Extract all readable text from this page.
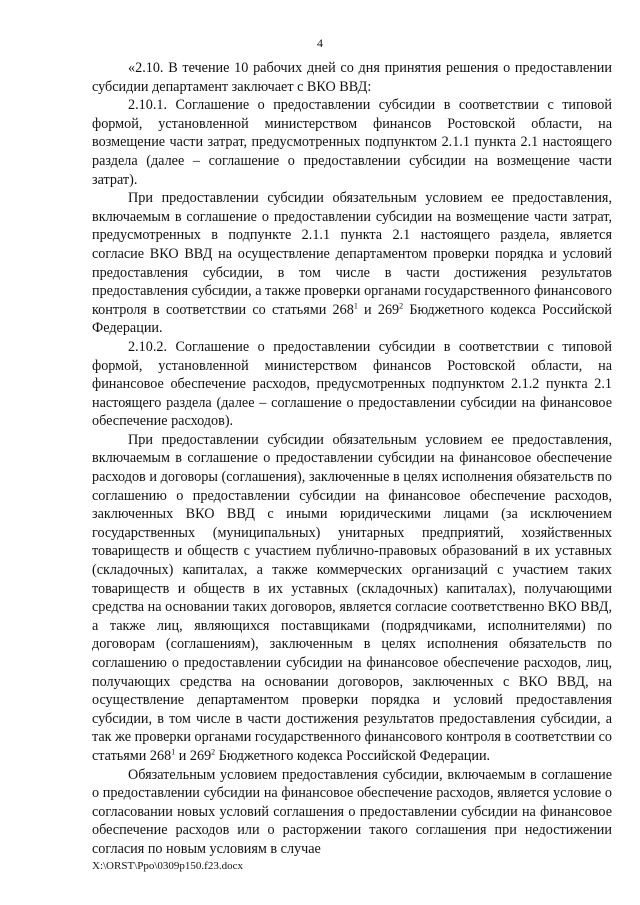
4

«2.10. В течение 10 рабочих дней со дня принятия решения о предоставлении субсидии департамент заключает с ВКО ВВД:

2.10.1. Соглашение о предоставлении субсидии в соответствии с типовой формой, установленной министерством финансов Ростовской области, на возмещение части затрат, предусмотренных подпунктом 2.1.1 пункта 2.1 настоящего раздела (далее – соглашение о предоставлении субсидии на возмещение части затрат).

При предоставлении субсидии обязательным условием ее предоставления, включаемым в соглашение о предоставлении субсидии на возмещение части затрат, предусмотренных в подпункте 2.1.1 пункта 2.1 настоящего раздела, является согласие ВКО ВВД на осуществление департаментом проверки порядка и условий предоставления субсидии, в том числе в части достижения результатов предоставления субсидии, а также проверки органами государственного финансового контроля в соответствии со статьями $268^1$ и $269^2$ Бюджетного кодекса Российской Федерации.

2.10.2. Соглашение о предоставлении субсидии в соответствии с типовой формой, установленной министерством финансов Ростовской области, на финансовое обеспечение расходов, предусмотренных подпунктом 2.1.2 пункта 2.1 настоящего раздела (далее – соглашение о предоставлении субсидии на финансовое обеспечение расходов).

При предоставлении субсидии обязательным условием ее предоставления, включаемым в соглашение о предоставлении субсидии на финансовое обеспечение расходов и договоры (соглашения), заключенные в целях исполнения обязательств по соглашению о предоставлении субсидии на финансовое обеспечение расходов, заключенных ВКО ВВД с иными юридическими лицами (за исключением государственных (муниципальных) унитарных предприятий, хозяйственных товариществ и обществ с участием публично-правовых образований в их уставных (складочных) капиталах, а также коммерческих организаций с участием таких товариществ и обществ в их уставных (складочных) капиталах), получающими средства на основании таких договоров, является согласие соответственно ВКО ВВД, а также лиц, являющихся поставщиками (подрядчиками, исполнителями) по договорам (соглашениям), заключенным в целях исполнения обязательств по соглашению о предоставлении субсидии на финансовое обеспечение расходов, лиц, получающих средства на основании договоров, заключенных с ВКО ВВД, на осуществление департаментом проверки порядка и условий предоставления субсидии, в том числе в части достижения результатов предоставления субсидии, а так же проверки органами государственного финансового контроля в соответствии со статьями $268^1$ и $269^2$ Бюджетного кодекса Российской Федерации.

Обязательным условием предоставления субсидии, включаемым в соглашение о предоставлении субсидии на финансовое обеспечение расходов, является условие о согласовании новых условий соглашения о предоставлении субсидии на финансовое обеспечение расходов или о расторжении такого соглашения при недостижении согласия по новым условиям в случае

X:\ORST\Ppo\0309p150.f23.docx
